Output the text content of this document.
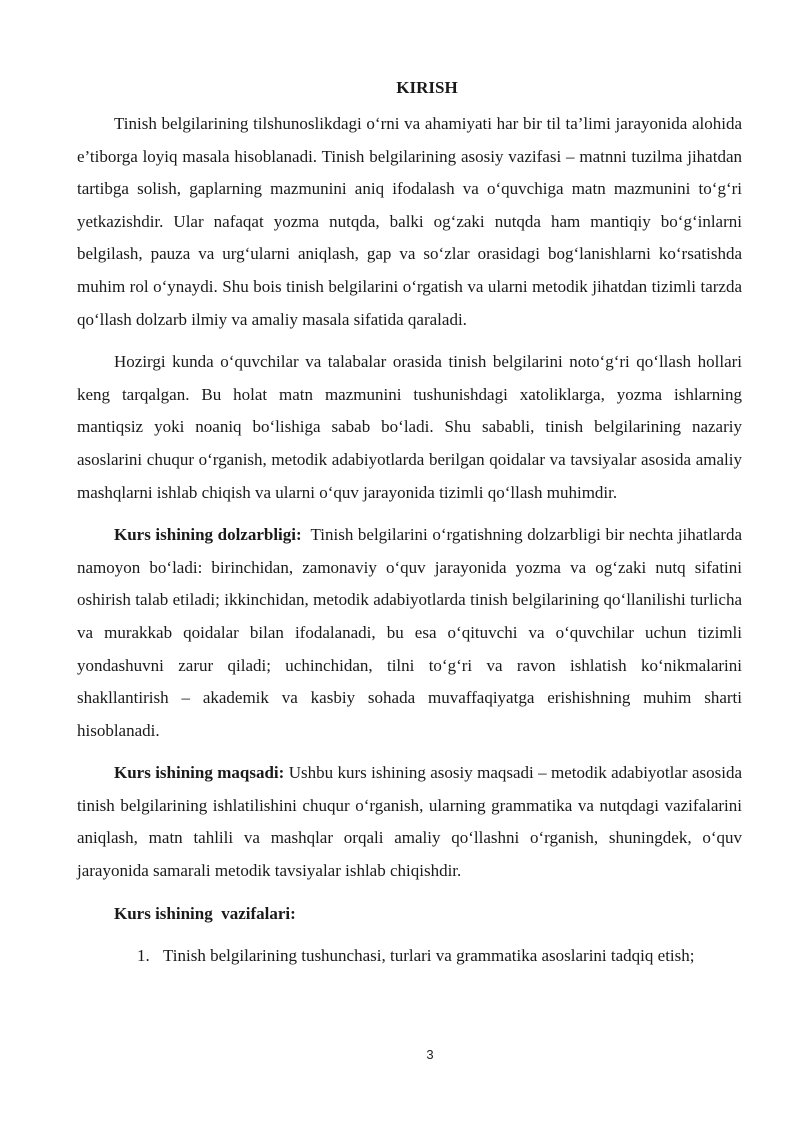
KIRISH

Tinish belgilarining tilshunoslikdagi o‘rni va ahamiyati har bir til ta’limi jarayonida alohida e’tiborga loyiq masala hisoblanadi. Tinish belgilarining asosiy vazifasi – matnni tuzilma jihatdan tartibga solish, gaplarning mazmunini aniq ifodalash va o‘quvchiga matn mazmunini to‘g‘ri yetkazishdir. Ular nafaqat yozma nutqda, balki og‘zaki nutqda ham mantiqiy bo‘g‘inlarni belgilash, pauza va urg‘ularni aniqlash, gap va so‘zlar orasidagi bog‘lanishlarni ko‘rsatishda muhim rol o‘ynaydi. Shu bois tinish belgilarini o‘rgatish va ularni metodik jihatdan tizimli tarzda qo‘llash dolzarb ilmiy va amaliy masala sifatida qaraladi.

Hozirgi kunda o‘quvchilar va talabalar orasida tinish belgilarini noto‘g‘ri qo‘llash hollari keng tarqalgan. Bu holat matn mazmunini tushunishdagi xatoliklarga, yozma ishlarning mantiqsiz yoki noaniq bo‘lishiga sabab bo‘ladi. Shu sababli, tinish belgilarining nazariy asoslarini chuqur o‘rganish, metodik adabiyotlarda berilgan qoidalar va tavsiyalar asosida amaliy mashqlarni ishlab chiqish va ularni o‘quv jarayonida tizimli qo‘llash muhimdir.

Kurs ishining dolzarbligi: Tinish belgilarini o‘rgatishning dolzarbligi bir nechta jihatlarda namoyon bo‘ladi: birinchidan, zamonaviy o‘quv jarayonida yozma va og‘zaki nutq sifatini oshirish talab etiladi; ikkinchidan, metodik adabiyotlarda tinish belgilarining qo‘llanilishi turlicha va murakkab qoidalar bilan ifodalanadi, bu esa o‘qituvchi va o‘quvchilar uchun tizimli yondashuvni zarur qiladi; uchinchidan, tilni to‘g‘ri va ravon ishlatish ko‘nikmalarini shakllantirish – akademik va kasbiy sohada muvaffaqiyatga erishishning muhim sharti hisoblanadi.

Kurs ishining maqsadi: Ushbu kurs ishining asosiy maqsadi – metodik adabiyotlar asosida tinish belgilarining ishlatilishini chuqur o‘rganish, ularning grammatika va nutqdagi vazifalarini aniqlash, matn tahlili va mashqlar orqali amaliy qo‘llashni o‘rganish, shuningdek, o‘quv jarayonida samarali metodik tavsiyalar ishlab chiqishdir.

Kurs ishining  vazifalari:
1. Tinish belgilarining tushunchasi, turlari va grammatika asoslarini tadqiq etish;
3
